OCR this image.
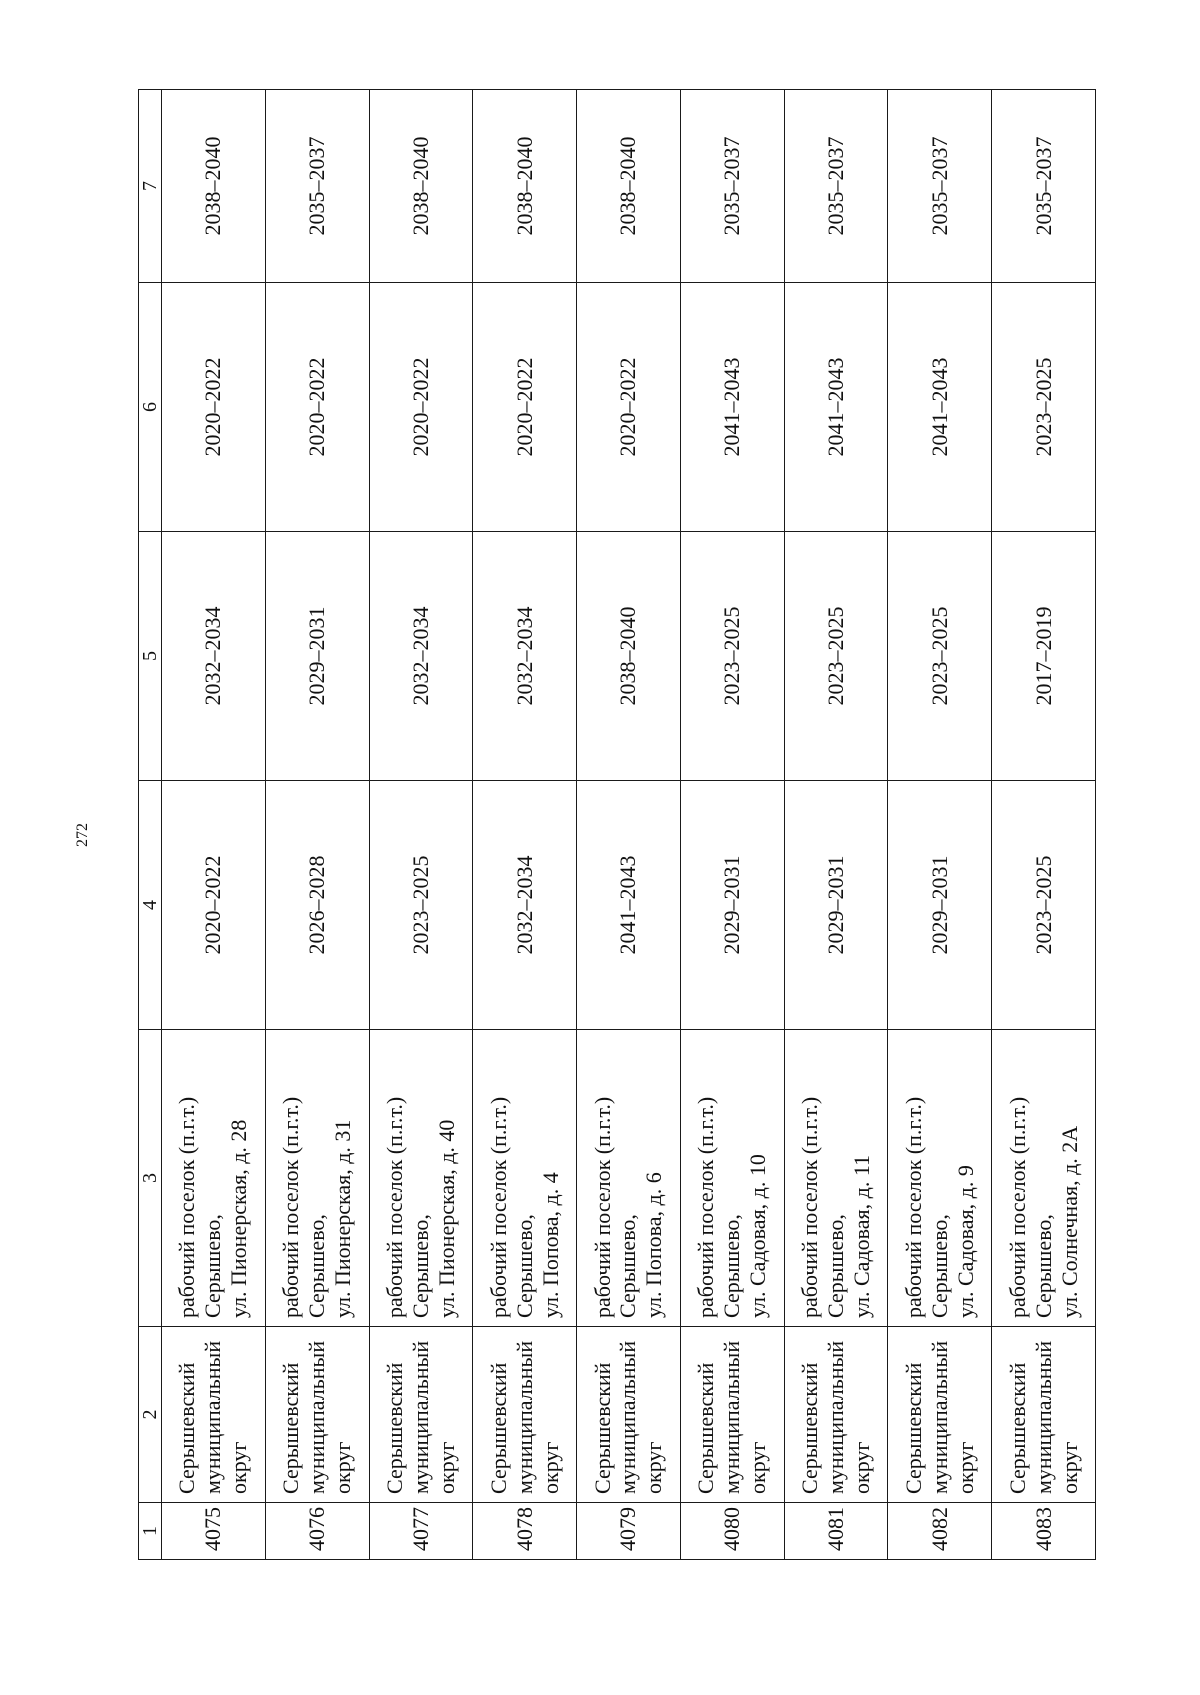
272
1	2	3	4	5	6	7
4075	Серышевский
муниципальный
округ	рабочий поселок (п.г.т.)
Серышево,
ул. Пионерская, д. 28	2020–2022	2032–2034	2020–2022	2038–2040
4076	Серышевский
муниципальный
округ	рабочий поселок (п.г.т.)
Серышево,
ул. Пионерская, д. 31	2026–2028	2029–2031	2020–2022	2035–2037
4077	Серышевский
муниципальный
округ	рабочий поселок (п.г.т.)
Серышево,
ул. Пионерская, д. 40	2023–2025	2032–2034	2020–2022	2038–2040
4078	Серышевский
муниципальный
округ	рабочий поселок (п.г.т.)
Серышево,
ул. Попова, д. 4	2032–2034	2032–2034	2020–2022	2038–2040
4079	Серышевский
муниципальный
округ	рабочий поселок (п.г.т.)
Серышево,
ул. Попова, д. 6	2041–2043	2038–2040	2020–2022	2038–2040
4080	Серышевский
муниципальный
округ	рабочий поселок (п.г.т.)
Серышево,
ул. Садовая, д. 10	2029–2031	2023–2025	2041–2043	2035–2037
4081	Серышевский
муниципальный
округ	рабочий поселок (п.г.т.)
Серышево,
ул. Садовая, д. 11	2029–2031	2023–2025	2041–2043	2035–2037
4082	Серышевский
муниципальный
округ	рабочий поселок (п.г.т.)
Серышево,
ул. Садовая, д. 9	2029–2031	2023–2025	2041–2043	2035–2037
4083	Серышевский
муниципальный
округ	рабочий поселок (п.г.т.)
Серышево,
ул. Солнечная, д. 2А	2023–2025	2017–2019	2023–2025	2035–2037
